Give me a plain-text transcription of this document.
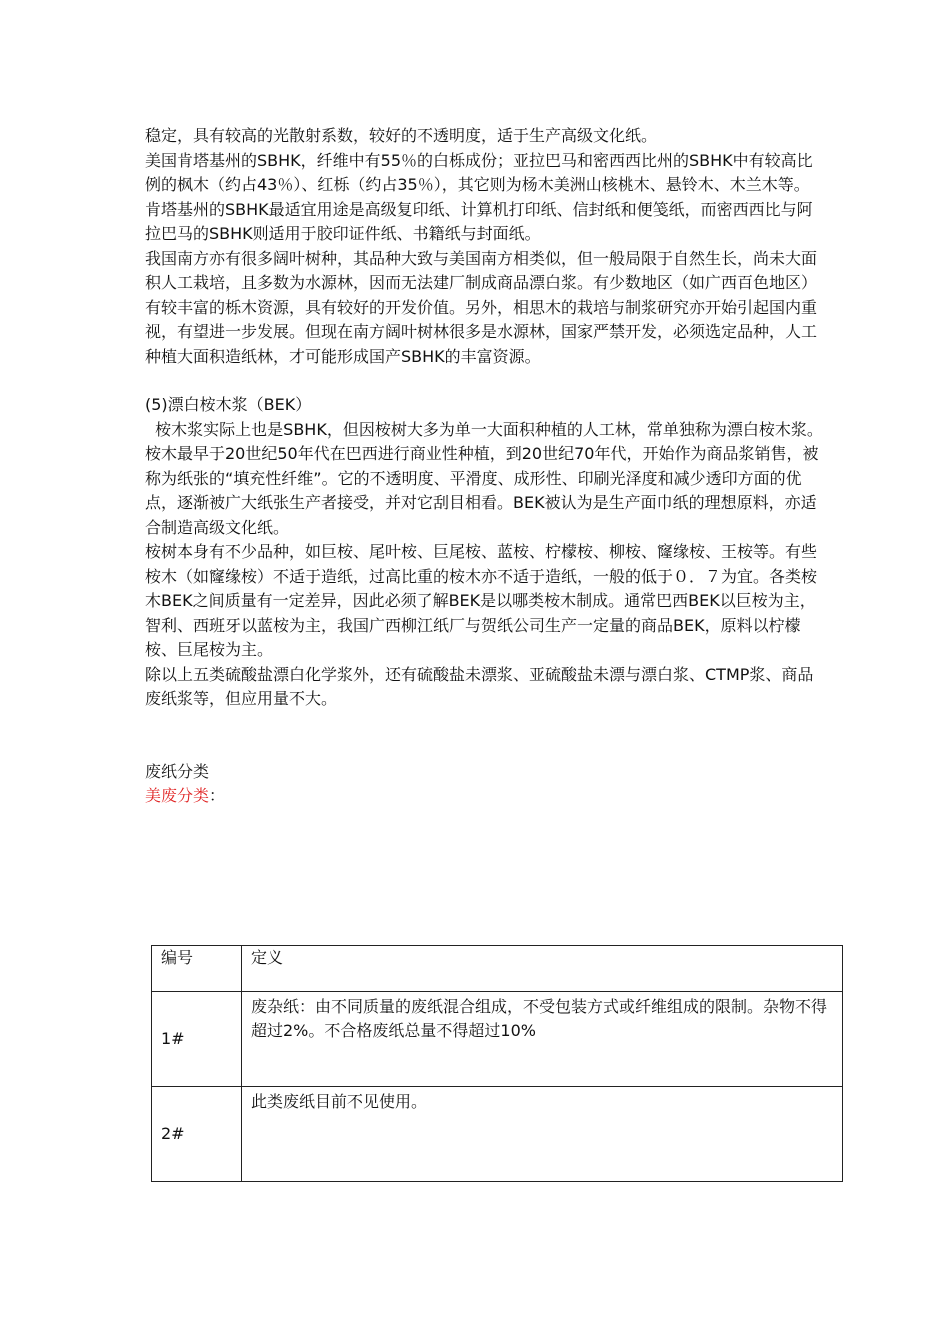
稳定，具有较高的光散射系数，较好的不透明度，适于生产高级文化纸。

美国肯塔基州的SBHK，纤维中有55％的白栎成份；亚拉巴马和密西西比州的SBHK中有较高比例的枫木（约占43％）、红栎（约占35％），其它则为杨木美洲山核桃木、悬铃木、木兰木等。肯塔基州的SBHK最适宜用途是高级复印纸、计算机打印纸、信封纸和便笺纸，而密西西比与阿拉巴马的SBHK则适用于胶印证件纸、书籍纸与封面纸。

我国南方亦有很多阔叶树种，其品种大致与美国南方相类似，但一般局限于自然生长，尚未大面积人工栽培，且多数为水源林，因而无法建厂制成商品漂白浆。有少数地区（如广西百色地区）有较丰富的栎木资源，具有较好的开发价值。另外，相思木的栽培与制浆研究亦开始引起国内重视，有望进一步发展。但现在南方阔叶树林很多是水源林，国家严禁开发，必须选定品种，人工种植大面积造纸林，才可能形成国产SBHK的丰富资源。

(5)漂白桉木浆（BEK）

桉木浆实际上也是SBHK，但因桉树大多为单一大面积种植的人工林，常单独称为漂白桉木浆。桉木最早于20世纪50年代在巴西进行商业性种植，到20世纪70年代，开始作为商品浆销售，被称为纸张的“填充性纤维”。它的不透明度、平滑度、成形性、印刷光泽度和减少透印方面的优点，逐渐被广大纸张生产者接受，并对它刮目相看。BEK被认为是生产面巾纸的理想原料，亦适合制造高级文化纸。

桉树本身有不少品种，如巨桉、尾叶桉、巨尾桉、蓝桉、柠檬桉、柳桉、窿缘桉、王桉等。有些桉木（如窿缘桉）不适于造纸，过高比重的桉木亦不适于造纸，一般的低于０．７为宜。各类桉木BEK之间质量有一定差异，因此必须了解BEK是以哪类桉木制成。通常巴西BEK以巨桉为主，智利、西班牙以蓝桉为主，我国广西柳江纸厂与贺纸公司生产一定量的商品BEK，原料以柠檬桉、巨尾桉为主。

除以上五类硫酸盐漂白化学浆外，还有硫酸盐未漂浆、亚硫酸盐未漂与漂白浆、CTMP浆、商品废纸浆等，但应用量不大。

废纸分类

美废分类：

编号	定义

1#	废杂纸：由不同质量的废纸混合组成，不受包装方式或纤维组成的限制。杂物不得超过2%。不合格废纸总量不得超过10%
2#	此类废纸目前不见使用。
